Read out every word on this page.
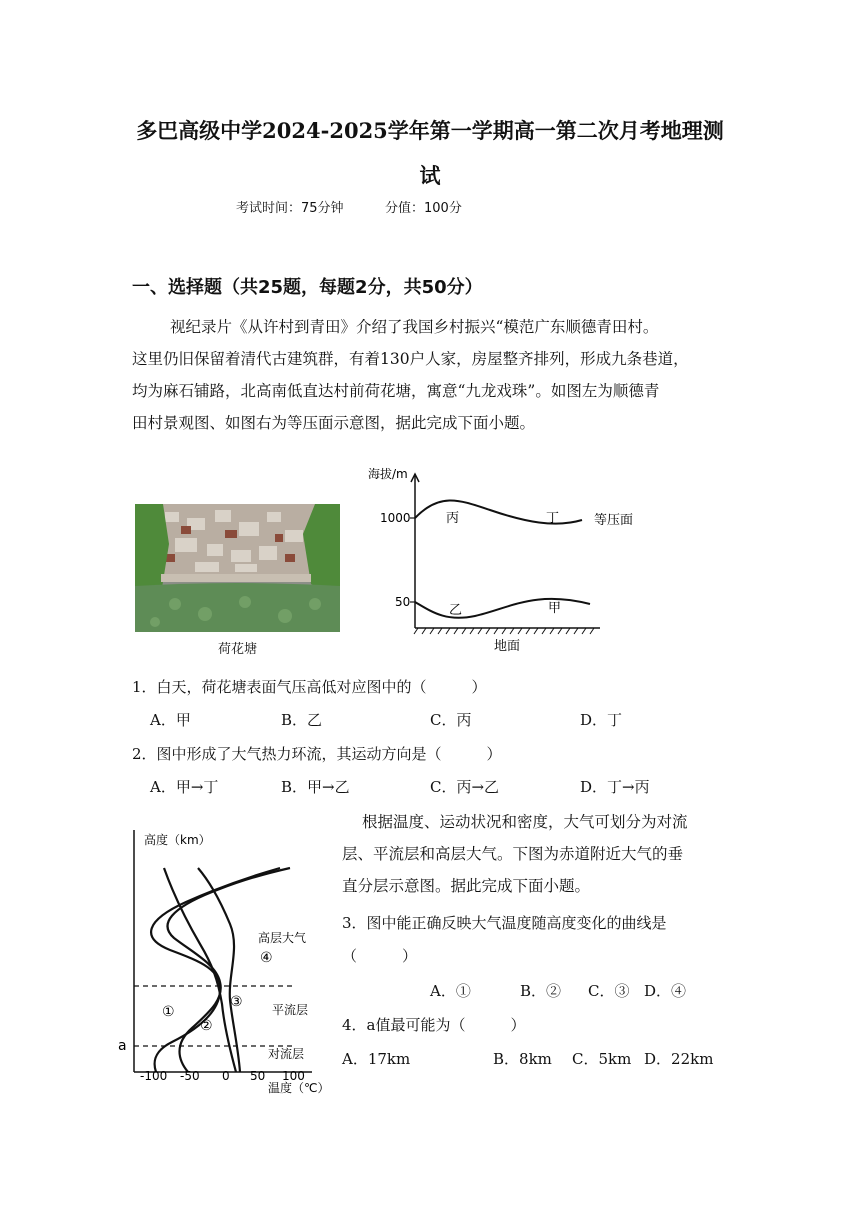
多巴高级中学2024-2025学年第一学期高一第二次月考地理测
试
考试时间：75分钟	分值：100分
一、选择题（共25题，每题2分，共50分）
视纪录片《从许村到青田》介绍了我国乡村振兴“模范广东顺德青田村。
这里仍旧保留着清代古建筑群，有着130户人家，房屋整齐排列，形成九条巷道，
均为麻石铺路，北高南低直达村前荷花塘，寓意“九龙戏珠”。如图左为顺德青
田村景观图、如图右为等压面示意图，据此完成下面小题。
荷花塘
海拔/m
1000
50
丙	丁
乙	甲
等压面
地面
1．白天，荷花塘表面气压高低对应图中的（　　　）
A．甲	B．乙	C．丙	D．丁
2．图中形成了大气热力环流，其运动方向是（　　　）
A．甲→丁	B．甲→乙	C．丙→乙	D．丁→丙
根据温度、运动状况和密度，大气可划分为对流
层、平流层和高层大气。下图为赤道附近大气的垂
直分层示意图。据此完成下面小题。
高度（km）
高层大气
平流层
对流层
④
③
①
②
a
-100 -50 0 50 100
温度（℃）
3．图中能正确反映大气温度随高度变化的曲线是
（　　　）
A．①	B．② C．③ D．④
4．a值最可能为（　　　）
A．17km	B．8km C．5km D．22km
